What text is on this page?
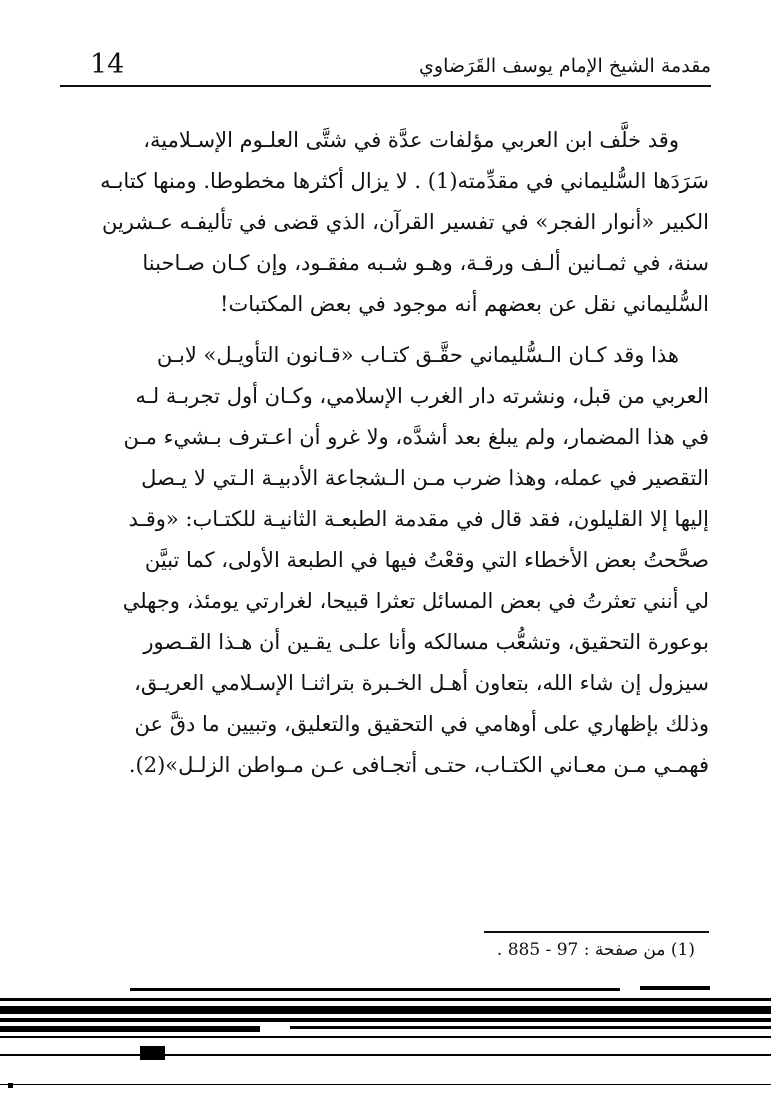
14	مقدمة الشيخ الإمام يوسف القَرَضاوي
وقد خلَّف ابن العربي مؤلفات عدَّة في شتَّى العلـوم الإسـلامية،
سَرَدَها السُّليماني في مقدِّمته(1) . لا يزال أكثرها مخطوطا. ومنها كتابـه
الكبير «أنوار الفجر» في تفسير القرآن، الذي قضى في تأليفـه عـشرين
سنة، في ثمـانين ألـف ورقـة، وهـو شـبه مفقـود، وإن كـان صـاحبنا
السُّليماني نقل عن بعضهم أنه موجود في بعض المكتبات!
هذا وقد كـان الـسُّليماني حقَّـق كتـاب «قـانون التأويـل» لابـن
العربي من قبل، ونشرته دار الغرب الإسلامي، وكـان أول تجربـة لـه
في هذا المضمار، ولم يبلغ بعد أشدَّه، ولا غرو أن اعـترف بـشيء مـن
التقصير في عمله، وهذا ضرب مـن الـشجاعة الأدبيـة الـتي لا يـصل
إليها إلا القليلون، فقد قال في مقدمة الطبعـة الثانيـة للكتـاب: «وقـد
صحَّحتُ بعض الأخطاء التي وقعْتُ فيها في الطبعة الأولى، كما تبيَّن
لي أنني تعثرتُ في بعض المسائل تعثرا قبيحا، لغرارتي يومئذ، وجهلي
بوعورة التحقيق، وتشعُّب مسالكه وأنا علـى يقـين أن هـذا القـصور
سيزول إن شاء الله، بتعاون أهـل الخـبرة بتراثنـا الإسـلامي العريـق،
وذلك بإظهاري على أوهامي في التحقيق والتعليق، وتبيين ما دقَّ عن
فهمـي مـن معـاني الكتـاب، حتـى أتجـافى عـن مـواطن الزلـل»(2).
(1) من صفحة : 97 - 885 .
